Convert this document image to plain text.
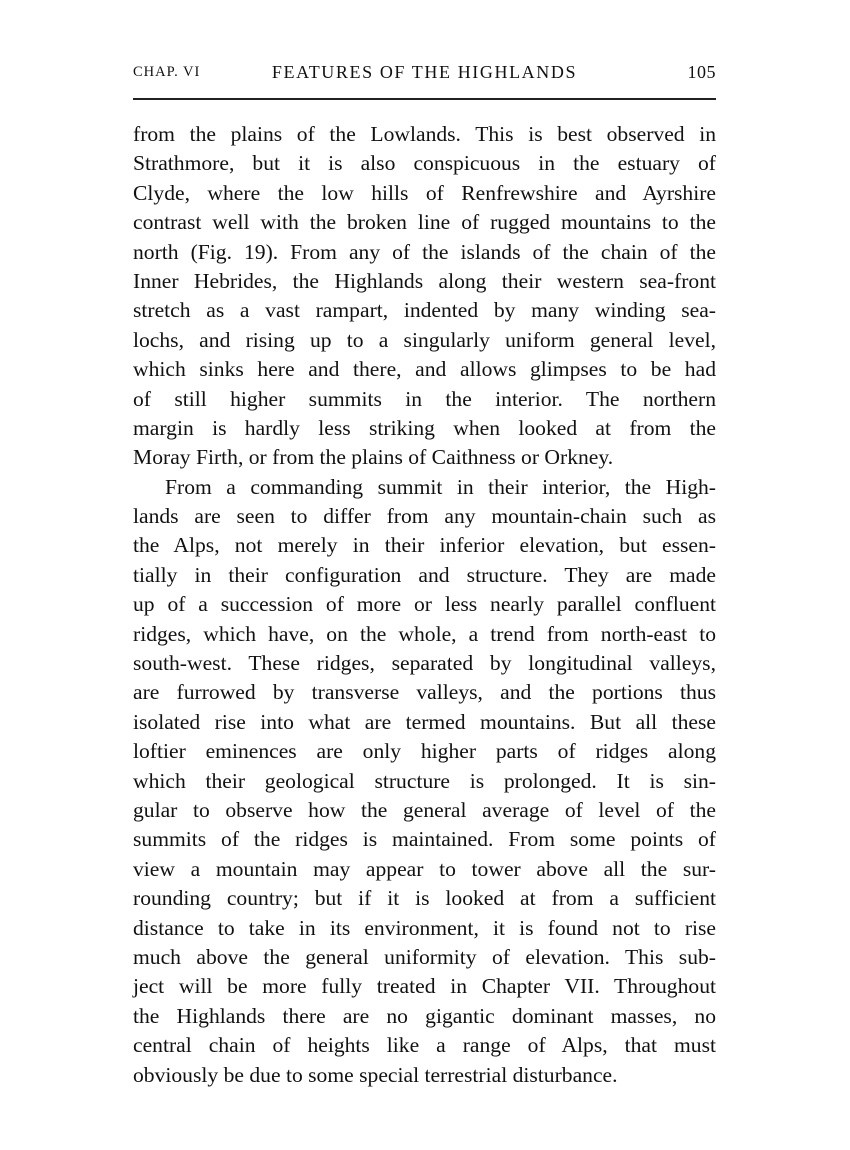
CHAP. VI	FEATURES OF THE HIGHLANDS	105
from the plains of the Lowlands. This is best observed in
Strathmore, but it is also conspicuous in the estuary of
Clyde, where the low hills of Renfrewshire and Ayrshire
contrast well with the broken line of rugged mountains to the
north (Fig. 19). From any of the islands of the chain of the
Inner Hebrides, the Highlands along their western sea-front
stretch as a vast rampart, indented by many winding sea-
lochs, and rising up to a singularly uniform general level,
which sinks here and there, and allows glimpses to be had
of still higher summits in the interior. The northern
margin is hardly less striking when looked at from the
Moray Firth, or from the plains of Caithness or Orkney.
From a commanding summit in their interior, the High-
lands are seen to differ from any mountain-chain such as
the Alps, not merely in their inferior elevation, but essen-
tially in their configuration and structure. They are made
up of a succession of more or less nearly parallel confluent
ridges, which have, on the whole, a trend from north-east to
south-west. These ridges, separated by longitudinal valleys,
are furrowed by transverse valleys, and the portions thus
isolated rise into what are termed mountains. But all these
loftier eminences are only higher parts of ridges along
which their geological structure is prolonged. It is sin-
gular to observe how the general average of level of the
summits of the ridges is maintained. From some points of
view a mountain may appear to tower above all the sur-
rounding country; but if it is looked at from a sufficient
distance to take in its environment, it is found not to rise
much above the general uniformity of elevation. This sub-
ject will be more fully treated in Chapter VII. Throughout
the Highlands there are no gigantic dominant masses, no
central chain of heights like a range of Alps, that must
obviously be due to some special terrestrial disturbance.
